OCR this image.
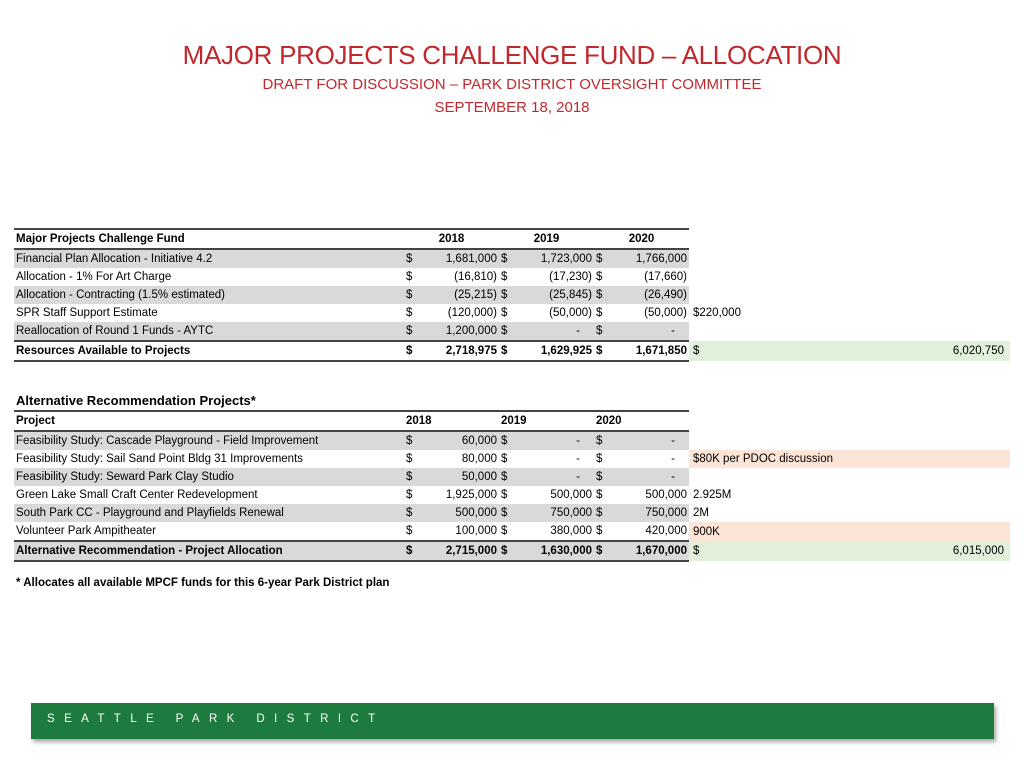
MAJOR PROJECTS CHALLENGE FUND – ALLOCATION
DRAFT FOR DISCUSSION – PARK DISTRICT OVERSIGHT COMMITTEE
SEPTEMBER 18, 2018
Major Projects Challenge Fund	2018		2019		2020			
Financial Plan Allocation - Initiative 4.2	$	1,681,000	$	1,723,000	$	1,766,000		
Allocation - 1% For Art Charge	$	(16,810)	$	(17,230)	$	(17,660)		
Allocation - Contracting (1.5% estimated)	$	(25,215)	$	(25,845)	$	(26,490)		
SPR Staff Support Estimate	$	(120,000)	$	(50,000)	$	(50,000)	$220,000	
Reallocation of Round 1 Funds - AYTC	$	1,200,000	$	-	$	-		
Resources Available to Projects	$	2,718,975	$	1,629,925	$	1,671,850	$	6,020,750
Alternative Recommendation Projects*
Project	2018		2019		2020			
Feasibility Study: Cascade Playground - Field Improvement	$	60,000	$	-	$	-		
Feasibility Study: Sail Sand Point Bldg 31 Improvements	$	80,000	$	-	$	-	$80K per PDOC discussion	
Feasibility Study: Seward Park Clay Studio	$	50,000	$	-	$	-		
Green Lake Small Craft Center Redevelopment	$	1,925,000	$	500,000	$	500,000	2.925M	
South Park CC - Playground and Playfields Renewal	$	500,000	$	750,000	$	750,000	2M	
Volunteer Park Ampitheater	$	100,000	$	380,000	$	420,000	900K	
Alternative Recommendation - Project Allocation	$	2,715,000	$	1,630,000	$	1,670,000	$	6,015,000
* Allocates all available MPCF funds for this 6-year Park District plan
SEATTLE PARK DISTRICT
